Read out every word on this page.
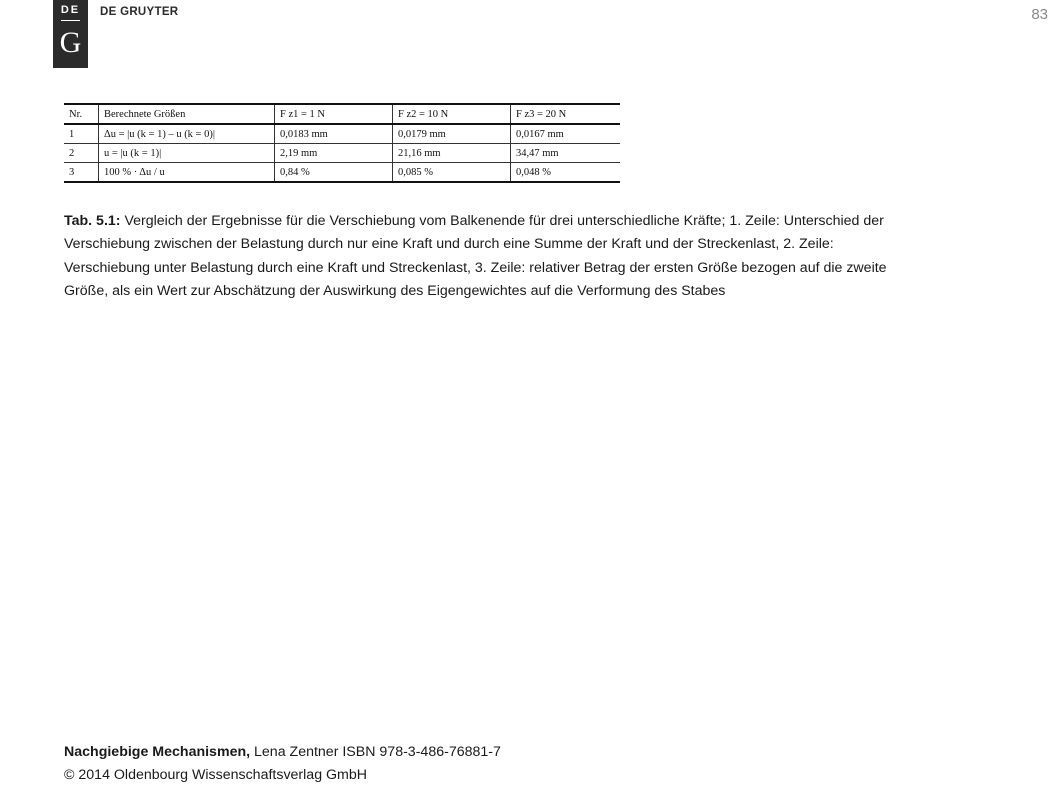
DE
G
DE GRUYTER	83
Nr.	Berechnete Größen	F z1 = 1 N	F z2 = 10 N	F z3 = 20 N
1	Δu = |u (k = 1) – u (k = 0)|	0,0183 mm	0,0179 mm	0,0167 mm
2	u = |u (k = 1)|	2,19 mm	21,16 mm	34,47 mm
3	100 % · Δu / u	0,84 %	0,085 %	0,048 %
Tab. 5.1: Vergleich der Ergebnisse für die Verschiebung vom Balkenende für drei unterschiedliche Kräfte; 1. Zeile: Unterschied der Verschiebung zwischen der Belastung durch nur eine Kraft und durch eine Summe der Kraft und der Streckenlast, 2. Zeile: Verschiebung unter Belastung durch eine Kraft und Streckenlast, 3. Zeile: relativer Betrag der ersten Größe bezogen auf die zweite Größe, als ein Wert zur Abschätzung der Auswirkung des Eigengewichtes auf die Verformung des Stabes
Nachgiebige Mechanismen, Lena Zentner ISBN 978-3-486-76881-7
© 2014 Oldenbourg Wissenschaftsverlag GmbH
